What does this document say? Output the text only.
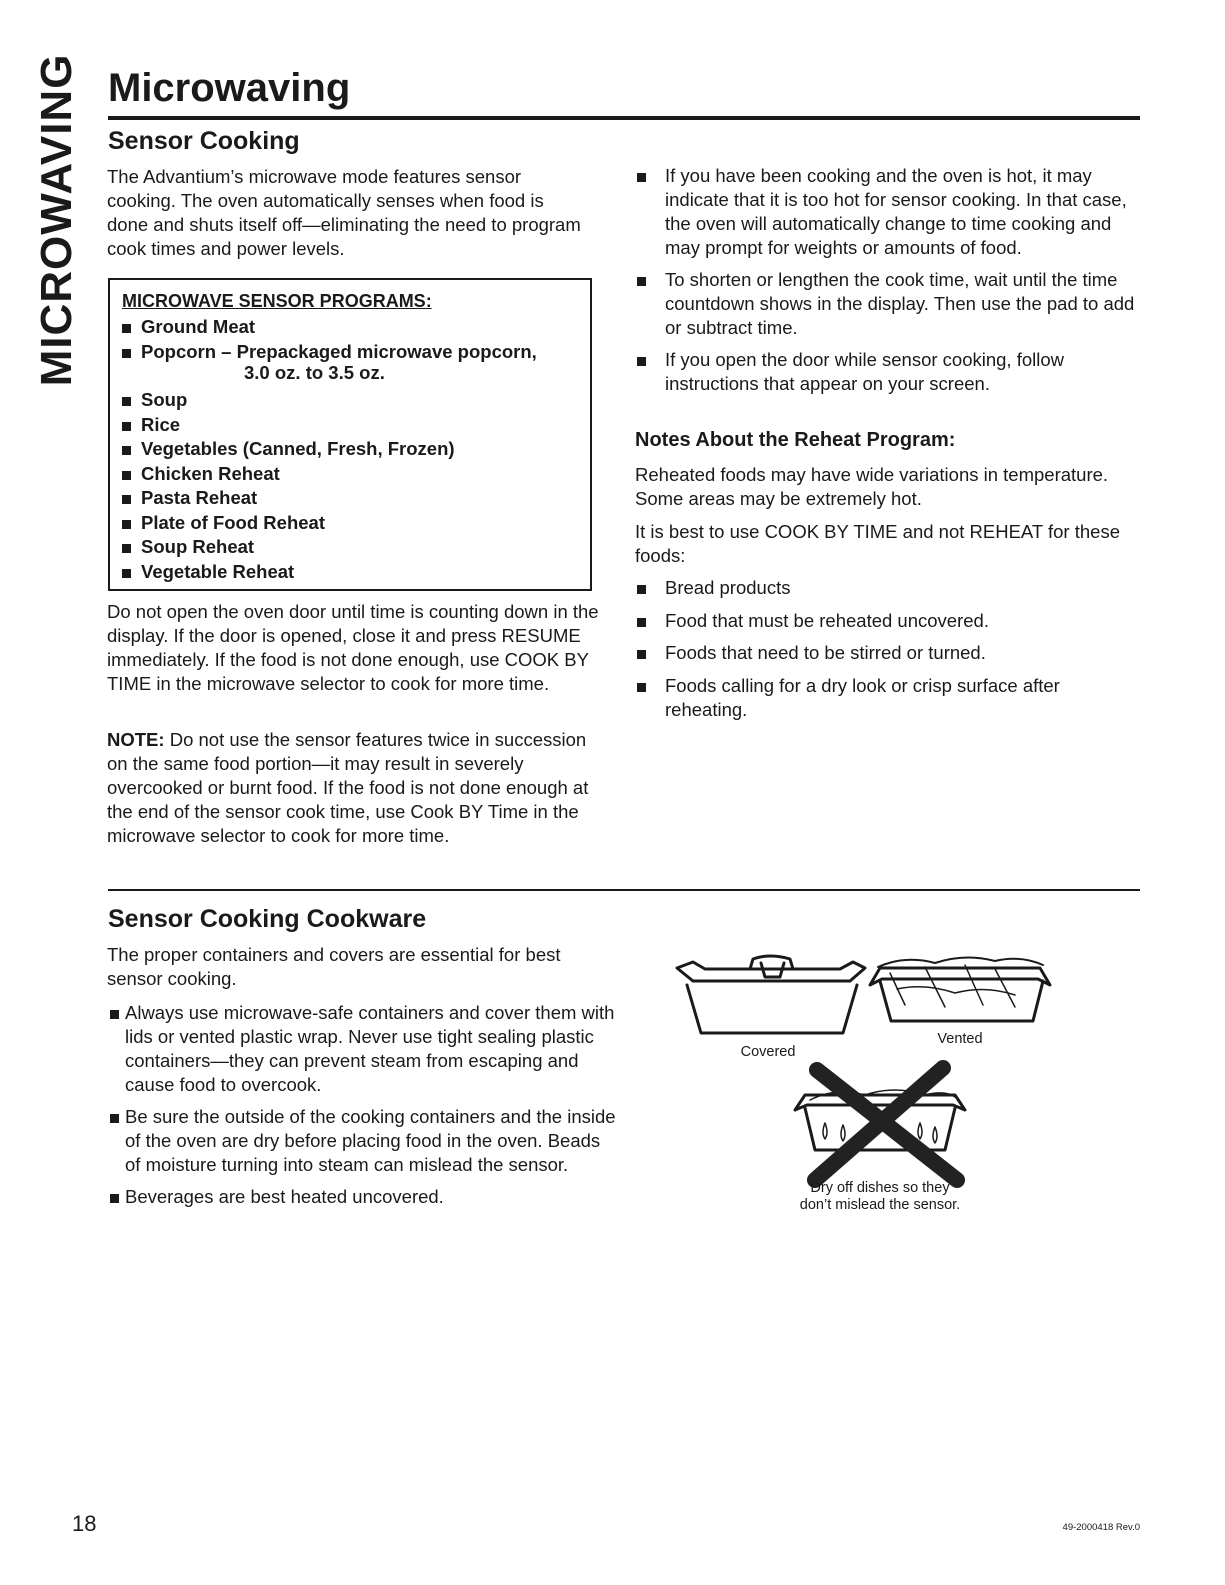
MICROWAVING Microwaving
Sensor Cooking

The Advantium’s microwave mode features sensor cooking. The oven automatically senses when food is done and shuts itself off—eliminating the need to program cook times and power levels.

MICROWAVE SENSOR PROGRAMS:
Ground Meat
Popcorn – Prepackaged microwave popcorn,
3.0 oz. to 3.5 oz.
Soup
Rice
Vegetables (Canned, Fresh, Frozen)
Chicken Reheat
Pasta Reheat
Plate of Food Reheat
Soup Reheat
Vegetable Reheat

Do not open the oven door until time is counting down in the display. If the door is opened, close it and press RESUME immediately. If the food is not done enough, use COOK BY TIME in the microwave selector to cook for more time.

NOTE: Do not use the sensor features twice in succession on the same food portion—it may result in severely overcooked or burnt food. If the food is not done enough at the end of the sensor cook time, use Cook BY Time in the microwave selector to cook for more time.

If you have been cooking and the oven is hot, it may indicate that it is too hot for sensor cooking. In that case, the oven will automatically change to time cooking and may prompt for weights or amounts of food.
To shorten or lengthen the cook time, wait until the time countdown shows in the display. Then use the pad to add or subtract time.
If you open the door while sensor cooking, follow instructions that appear on your screen.
Notes About the Reheat Program:

Reheated foods may have wide variations in temperature. Some areas may be extremely hot.

It is best to use COOK BY TIME and not REHEAT for these foods:

Bread products
Food that must be reheated uncovered.
Foods that need to be stirred or turned.
Foods calling for a dry look or crisp surface after reheating.
Sensor Cooking Cookware

The proper containers and covers are essential for best sensor cooking.

Always use microwave-safe containers and cover them with lids or vented plastic wrap. Never use tight sealing plastic containers—they can prevent steam from escaping and cause food to overcook.
Be sure the outside of the cooking containers and the inside of the oven are dry before placing food in the oven. Beads of moisture turning into steam can mislead the sensor.
Beverages are best heated uncovered.
Covered
Vented
Dry off dishes so they
don’t mislead the sensor.
18	49-2000418 Rev.0
